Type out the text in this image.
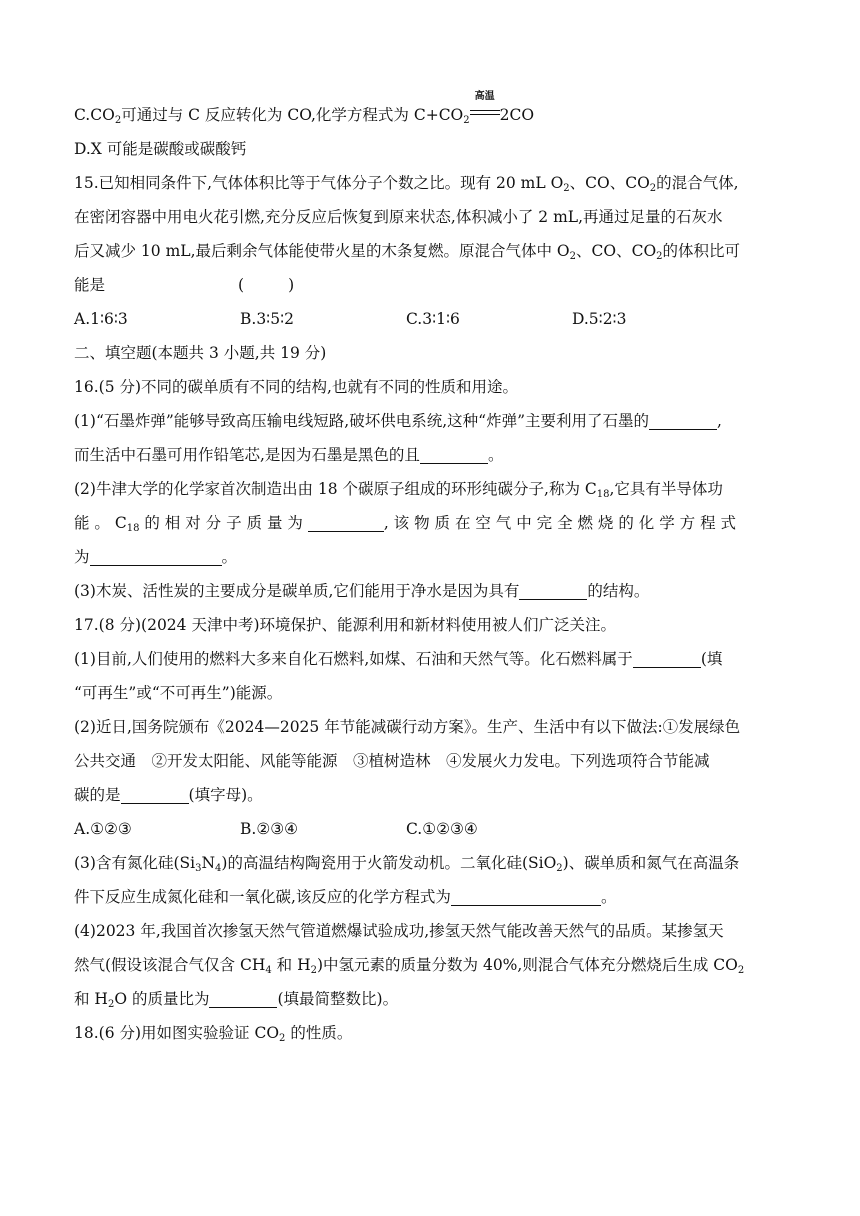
$C.CO_2$可通过与 C 反应转化为 CO,化学方程式为 $C+CO_2$
高温
2CO
D.X 可能是碳酸或碳酸钙
15.已知相同条件下,气体体积比等于气体分子个数之比。现有 20 mL $O_2$、CO、$CO_2$的混合气体,
在密闭容器中用电火花引燃,充分反应后恢复到原来状态,体积减小了 2 mL,再通过足量的石灰水
后又减少 10 mL,最后剩余气体能使带火星的木条复燃。原混合气体中 $O_2$、CO、$CO_2$的体积比可
能是	(	)
A.1∶6∶3	B.3∶5∶2	C.3∶1∶6	D.5∶2∶3
二、填空题(本题共 3 小题,共 19 分)
16.(5 分)不同的碳单质有不同的结构,也就有不同的性质和用途。
(1)“石墨炸弹”能够导致高压输电线短路,破坏供电系统,这种“炸弹”主要利用了石墨的	,
而生活中石墨可用作铅笔芯,是因为石墨是黑色的且	。
(2)牛津大学的化学家首次制造出由 18 个碳原子组成的环形纯碳分子,称为 $C_{18}$,它具有半导体功
能 。 $C_{18}$ 的 相 对 分 子 质 量 为	, 该 物 质 在 空 气 中 完 全 燃 烧 的 化 学 方 程 式
为	。
(3)木炭、活性炭的主要成分是碳单质,它们能用于净水是因为具有	的结构。
17.(8 分)(2024 天津中考)环境保护、能源利用和新材料使用被人们广泛关注。
(1)目前,人们使用的燃料大多来自化石燃料,如煤、石油和天然气等。化石燃料属于	(填
“可再生”或“不可再生”)能源。
(2)近日,国务院颁布《2024—2025 年节能减碳行动方案》。生产、生活中有以下做法:①发展绿色
公共交通　②开发太阳能、风能等能源　③植树造林　④发展火力发电。下列选项符合节能减
碳的是	(填字母)。
A.①②③	B.②③④	C.①②③④
(3)含有氮化硅$(Si_3N_4)$的高温结构陶瓷用于火箭发动机。二氧化硅(SiO$_2$)、碳单质和氮气在高温条
件下反应生成氮化硅和一氧化碳,该反应的化学方程式为	。
(4)2023 年,我国首次掺氢天然气管道燃爆试验成功,掺氢天然气能改善天然气的品质。某掺氢天
然气(假设该混合气仅含 $CH_4$ 和 $H_2$)中氢元素的质量分数为 40%,则混合气体充分燃烧后生成 $CO_2$
和 $H_2O$ 的质量比为	(填最简整数比)。
18.(6 分)用如图实验验证 $CO_2$ 的性质。
